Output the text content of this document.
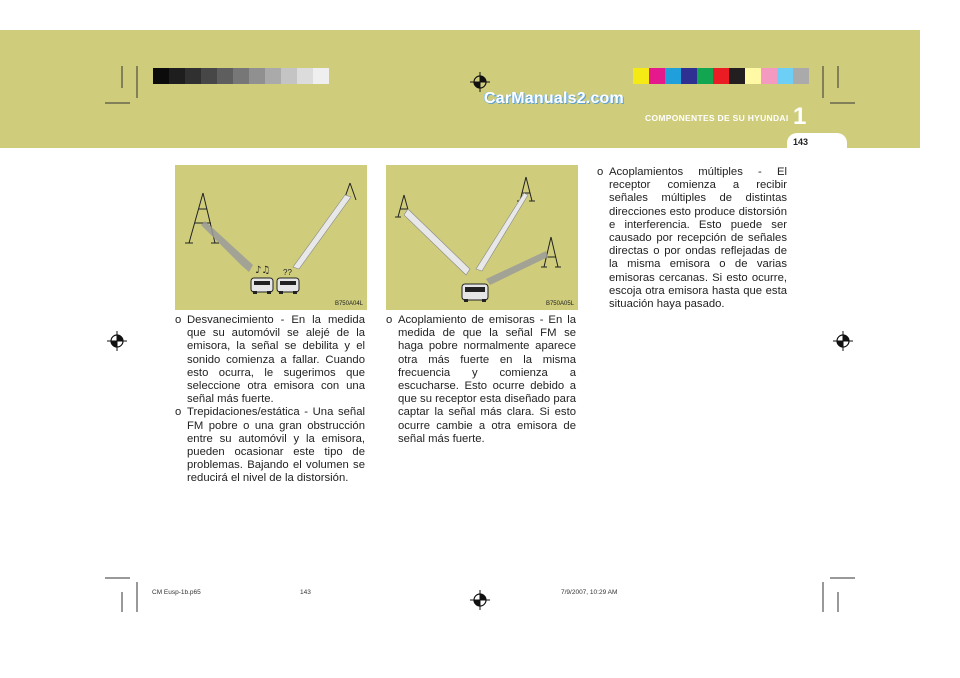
CarManuals2.com
COMPONENTES DE SU HYUNDAI 1
143
♪♫ ??
B750A04L	B750A05L
o Desvanecimiento - En la medida que su automóvil se alejé de la emisora, la señal se debilita y el sonido comienza a fallar. Cuando esto ocurra, le sugerimos que seleccione otra emisora con una señal más fuerte.
o Trepidaciones/estática - Una señal FM pobre o una gran obstrucción entre su automóvil y la emisora, pueden ocasionar este tipo de problemas. Bajando el volumen se reducirá el nivel de la distorsión.
o Acoplamiento de emisoras - En la medida de que la señal FM se haga pobre normalmente aparece otra más fuerte en la misma frecuencia y comienza a escucharse. Esto ocurre debido a que su receptor esta diseñado para captar la señal más clara. Si esto ocurre cambie a otra emisora de señal más fuerte.
o Acoplamientos múltiples - El receptor comienza a recibir señales múltiples de distintas direcciones esto produce distorsión e interferencia. Esto puede ser causado por recepción de señales directas o por ondas reflejadas de la misma emisora o de varias emisoras cercanas. Si esto ocurre, escoja otra emisora hasta que esta situación haya pasado.
CM Eusp-1b.p65	143	7/9/2007, 10:29 AM
